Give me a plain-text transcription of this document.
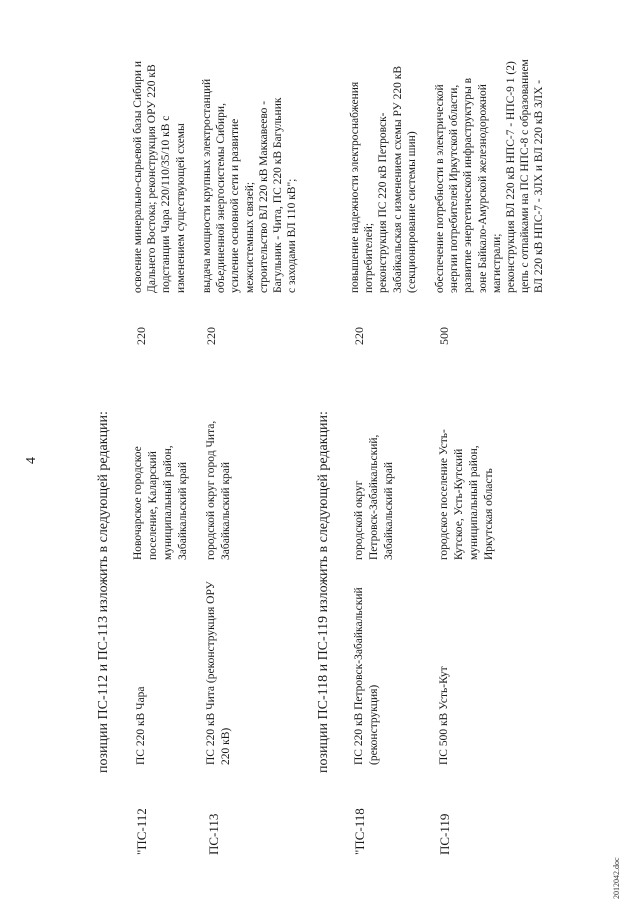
4	позиции ПС-112 и ПС-113 изложить в следующей редакции:
"ПС-112
ПС 220 кВ Чара
Новочарское городское поселение, Каларский муниципальный район, Забайкальский край
220
освоение минерально-сырьевой базы Сибири и Дальнего Востока; реконструкция ОРУ 220 кВ подстанции Чара 220/110/35/10 кВ с изменением существующей схемы
ПС-113
ПС 220 кВ Чита (реконструкция ОРУ 220 кВ)
городской округ город Чита, Забайкальский край
220
выдача мощности крупных электростанций объединенной энергосистемы Сибири, усиление основной сети и развитие межсистемных связей; строительство ВЛ 220 кВ Маккавеево - Багульник - Чита, ПС 220 кВ Багульник с заходами ВЛ 110 кВ";
позиции ПС-118 и ПС-119 изложить в следующей редакции:
"ПС-118
ПС 220 кВ Петровск-Забайкальский (реконструкция)
городской округ Петровск-Забайкальский, Забайкальский край
220
повышение надежности электроснабжения потребителей; реконструкция ПС 220 кВ Петровск- Забайкальская с изменением схемы РУ 220 кВ (секционирование системы шин)
ПС-119
ПС 500 кВ Усть-Кут
городское поселение Усть- Кутское, Усть-Кутский муниципальный район, Иркутская область
500
обеспечение потребности в электрической энергии потребителей Иркутской области, развитие энергетической инфраструктуры в зоне Байкало-Амурской железнодорожной магистрали; реконструкция ВЛ 220 кВ НПС-7 - НПС-9 1 (2) цепь с отпайками на ПС НПС-8 с образованием ВЛ 220 кВ НПС-7 - ЗЛХ и ВЛ 220 кВ ЗЛХ -
2012042.doc
